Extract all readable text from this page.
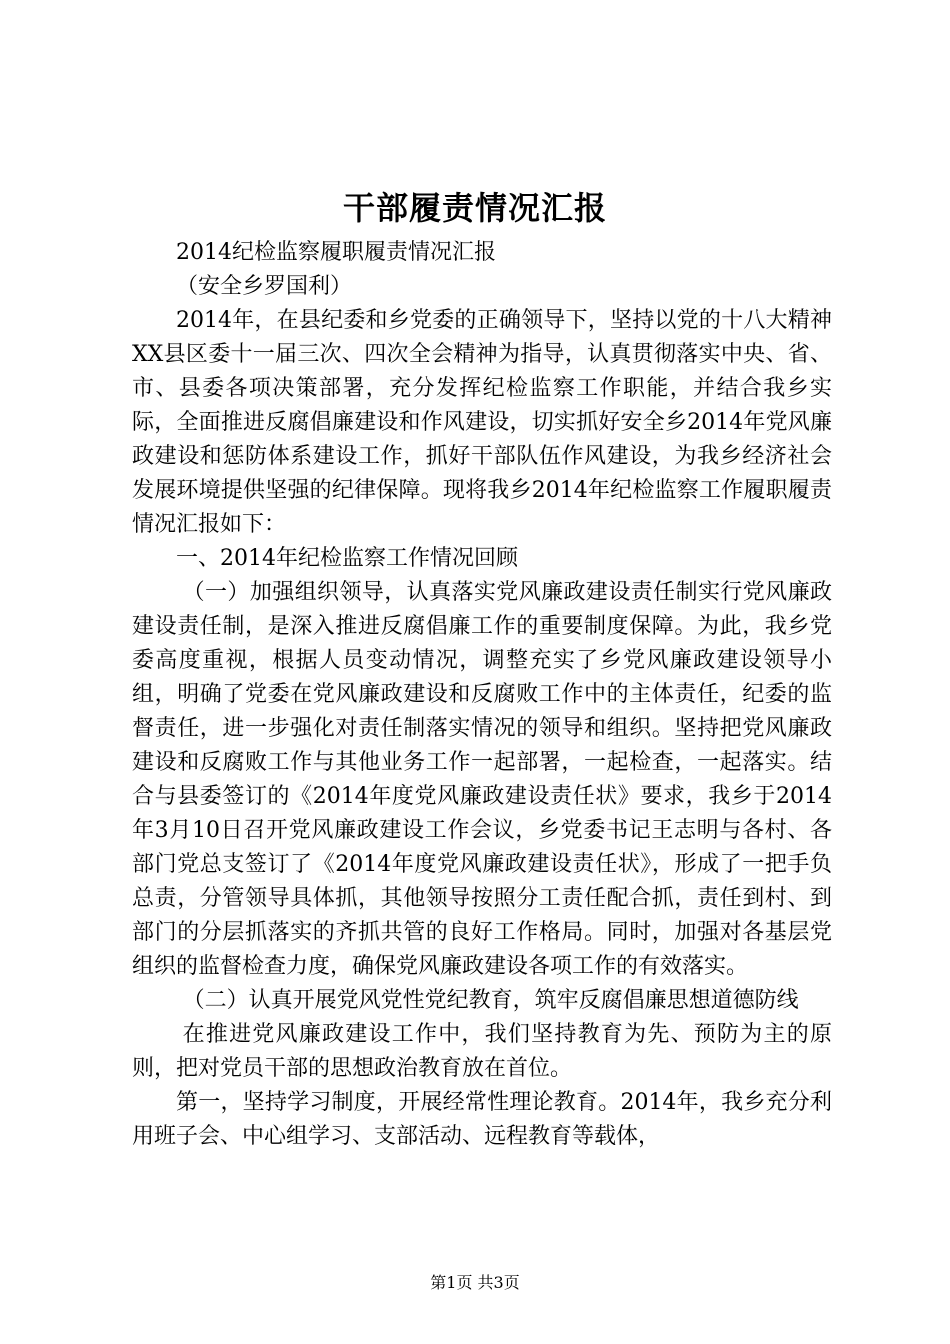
干部履责情况汇报

2014纪检监察履职履责情况汇报

（安全乡罗国利）

2014年，在县纪委和乡党委的正确领导下，坚持以党的十八大精神XX县区委十一届三次、四次全会精神为指导，认真贯彻落实中央、省、市、县委各项决策部署，充分发挥纪检监察工作职能，并结合我乡实际，全面推进反腐倡廉建设和作风建设，切实抓好安全乡2014年党风廉政建设和惩防体系建设工作，抓好干部队伍作风建设，为我乡经济社会发展环境提供坚强的纪律保障。现将我乡2014年纪检监察工作履职履责情况汇报如下：

一、2014年纪检监察工作情况回顾

（一）加强组织领导，认真落实党风廉政建设责任制实行党风廉政建设责任制，是深入推进反腐倡廉工作的重要制度保障。为此，我乡党委高度重视，根据人员变动情况，调整充实了乡党风廉政建设领导小组，明确了党委在党风廉政建设和反腐败工作中的主体责任，纪委的监督责任，进一步强化对责任制落实情况的领导和组织。坚持把党风廉政建设和反腐败工作与其他业务工作一起部署，一起检查，一起落实。结合与县委签订的《2014年度党风廉政建设责任状》要求，我乡于2014年3月10日召开党风廉政建设工作会议，乡党委书记王志明与各村、各部门党总支签订了《2014年度党风廉政建设责任状》，形成了一把手负总责，分管领导具体抓，其他领导按照分工责任配合抓，责任到村、到部门的分层抓落实的齐抓共管的良好工作格局。同时，加强对各基层党组织的监督检查力度，确保党风廉政建设各项工作的有效落实。

（二）认真开展党风党性党纪教育，筑牢反腐倡廉思想道德防线

在推进党风廉政建设工作中，我们坚持教育为先、预防为主的原则，把对党员干部的思想政治教育放在首位。

第一，坚持学习制度，开展经常性理论教育。2014年，我乡充分利用班子会、中心组学习、支部活动、远程教育等载体，

第1页 共3页
